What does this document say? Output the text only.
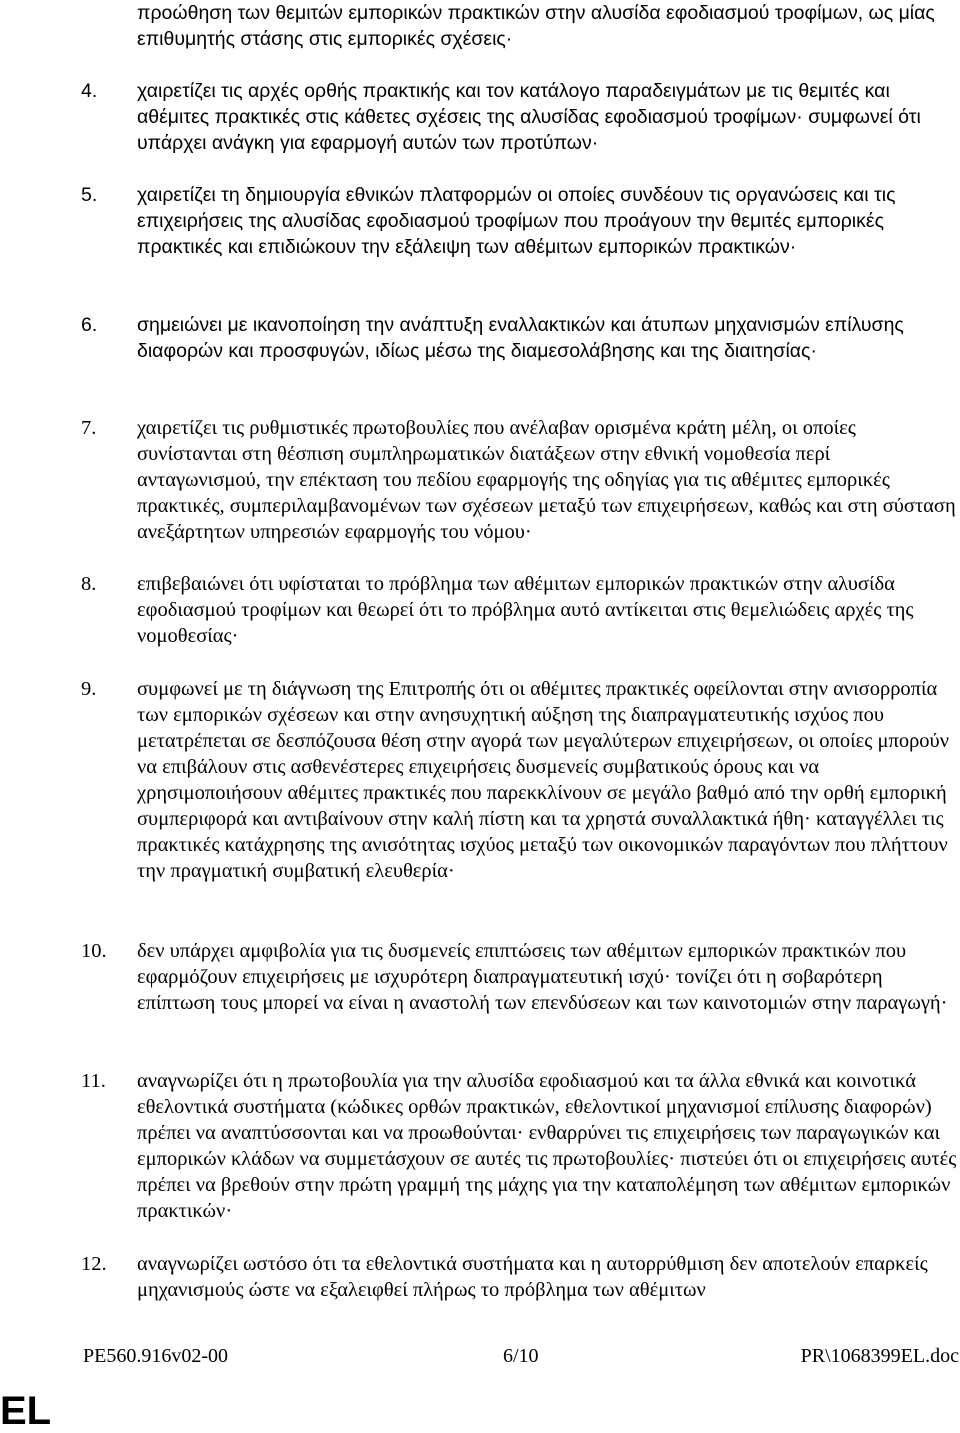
προώθηση των θεμιτών εμπορικών πρακτικών στην αλυσίδα εφοδιασμού τροφίμων, ως μίας επιθυμητής στάσης στις εμπορικές σχέσεις·

4. χαιρετίζει τις αρχές ορθής πρακτικής και τον κατάλογο παραδειγμάτων με τις θεμιτές και αθέμιτες πρακτικές στις κάθετες σχέσεις της αλυσίδας εφοδιασμού τροφίμων· συμφωνεί ότι υπάρχει ανάγκη για εφαρμογή αυτών των προτύπων·

5. χαιρετίζει τη δημιουργία εθνικών πλατφορμών οι οποίες συνδέουν τις οργανώσεις και τις επιχειρήσεις της αλυσίδας εφοδιασμού τροφίμων που προάγουν την θεμιτές εμπορικές πρακτικές και επιδιώκουν την εξάλειψη των αθέμιτων εμπορικών πρακτικών·

6. σημειώνει με ικανοποίηση την ανάπτυξη εναλλακτικών και άτυπων μηχανισμών επίλυσης διαφορών και προσφυγών, ιδίως μέσω της διαμεσολάβησης και της διαιτησίας·

7. χαιρετίζει τις ρυθμιστικές πρωτοβουλίες που ανέλαβαν ορισμένα κράτη μέλη, οι οποίες συνίστανται στη θέσπιση συμπληρωματικών διατάξεων στην εθνική νομοθεσία περί ανταγωνισμού, την επέκταση του πεδίου εφαρμογής της οδηγίας για τις αθέμιτες εμπορικές πρακτικές, συμπεριλαμβανομένων των σχέσεων μεταξύ των επιχειρήσεων, καθώς και στη σύσταση ανεξάρτητων υπηρεσιών εφαρμογής του νόμου·

8. επιβεβαιώνει ότι υφίσταται το πρόβλημα των αθέμιτων εμπορικών πρακτικών στην αλυσίδα εφοδιασμού τροφίμων και θεωρεί ότι το πρόβλημα αυτό αντίκειται στις θεμελιώδεις αρχές της νομοθεσίας·

9. συμφωνεί με τη διάγνωση της Επιτροπής ότι οι αθέμιτες πρακτικές οφείλονται στην ανισορροπία των εμπορικών σχέσεων και στην ανησυχητική αύξηση της διαπραγματευτικής ισχύος που μετατρέπεται σε δεσπόζουσα θέση στην αγορά των μεγαλύτερων επιχειρήσεων, οι οποίες μπορούν να επιβάλουν στις ασθενέστερες επιχειρήσεις δυσμενείς συμβατικούς όρους και να χρησιμοποιήσουν αθέμιτες πρακτικές που παρεκκλίνουν σε μεγάλο βαθμό από την ορθή εμπορική συμπεριφορά και αντιβαίνουν στην καλή πίστη και τα χρηστά συναλλακτικά ήθη· καταγγέλλει τις πρακτικές κατάχρησης της ανισότητας ισχύος μεταξύ των οικονομικών παραγόντων που πλήττουν την πραγματική συμβατική ελευθερία·

10. δεν υπάρχει αμφιβολία για τις δυσμενείς επιπτώσεις των αθέμιτων εμπορικών πρακτικών που εφαρμόζουν επιχειρήσεις με ισχυρότερη διαπραγματευτική ισχύ· τονίζει ότι η σοβαρότερη επίπτωση τους μπορεί να είναι η αναστολή των επενδύσεων και των καινοτομιών στην παραγωγή·

11. αναγνωρίζει ότι η πρωτοβουλία για την αλυσίδα εφοδιασμού και τα άλλα εθνικά και κοινοτικά εθελοντικά συστήματα (κώδικες ορθών πρακτικών, εθελοντικοί μηχανισμοί επίλυσης διαφορών) πρέπει να αναπτύσσονται και να προωθούνται· ενθαρρύνει τις επιχειρήσεις των παραγωγικών και εμπορικών κλάδων να συμμετάσχουν σε αυτές τις πρωτοβουλίες· πιστεύει ότι οι επιχειρήσεις αυτές πρέπει να βρεθούν στην πρώτη γραμμή της μάχης για την καταπολέμηση των αθέμιτων εμπορικών πρακτικών·

12. αναγνωρίζει ωστόσο ότι τα εθελοντικά συστήματα και η αυτορρύθμιση δεν αποτελούν επαρκείς μηχανισμούς ώστε να εξαλειφθεί πλήρως το πρόβλημα των αθέμιτων

PE560.916v02-00	6/10	PR\1068399EL.doc
EL
